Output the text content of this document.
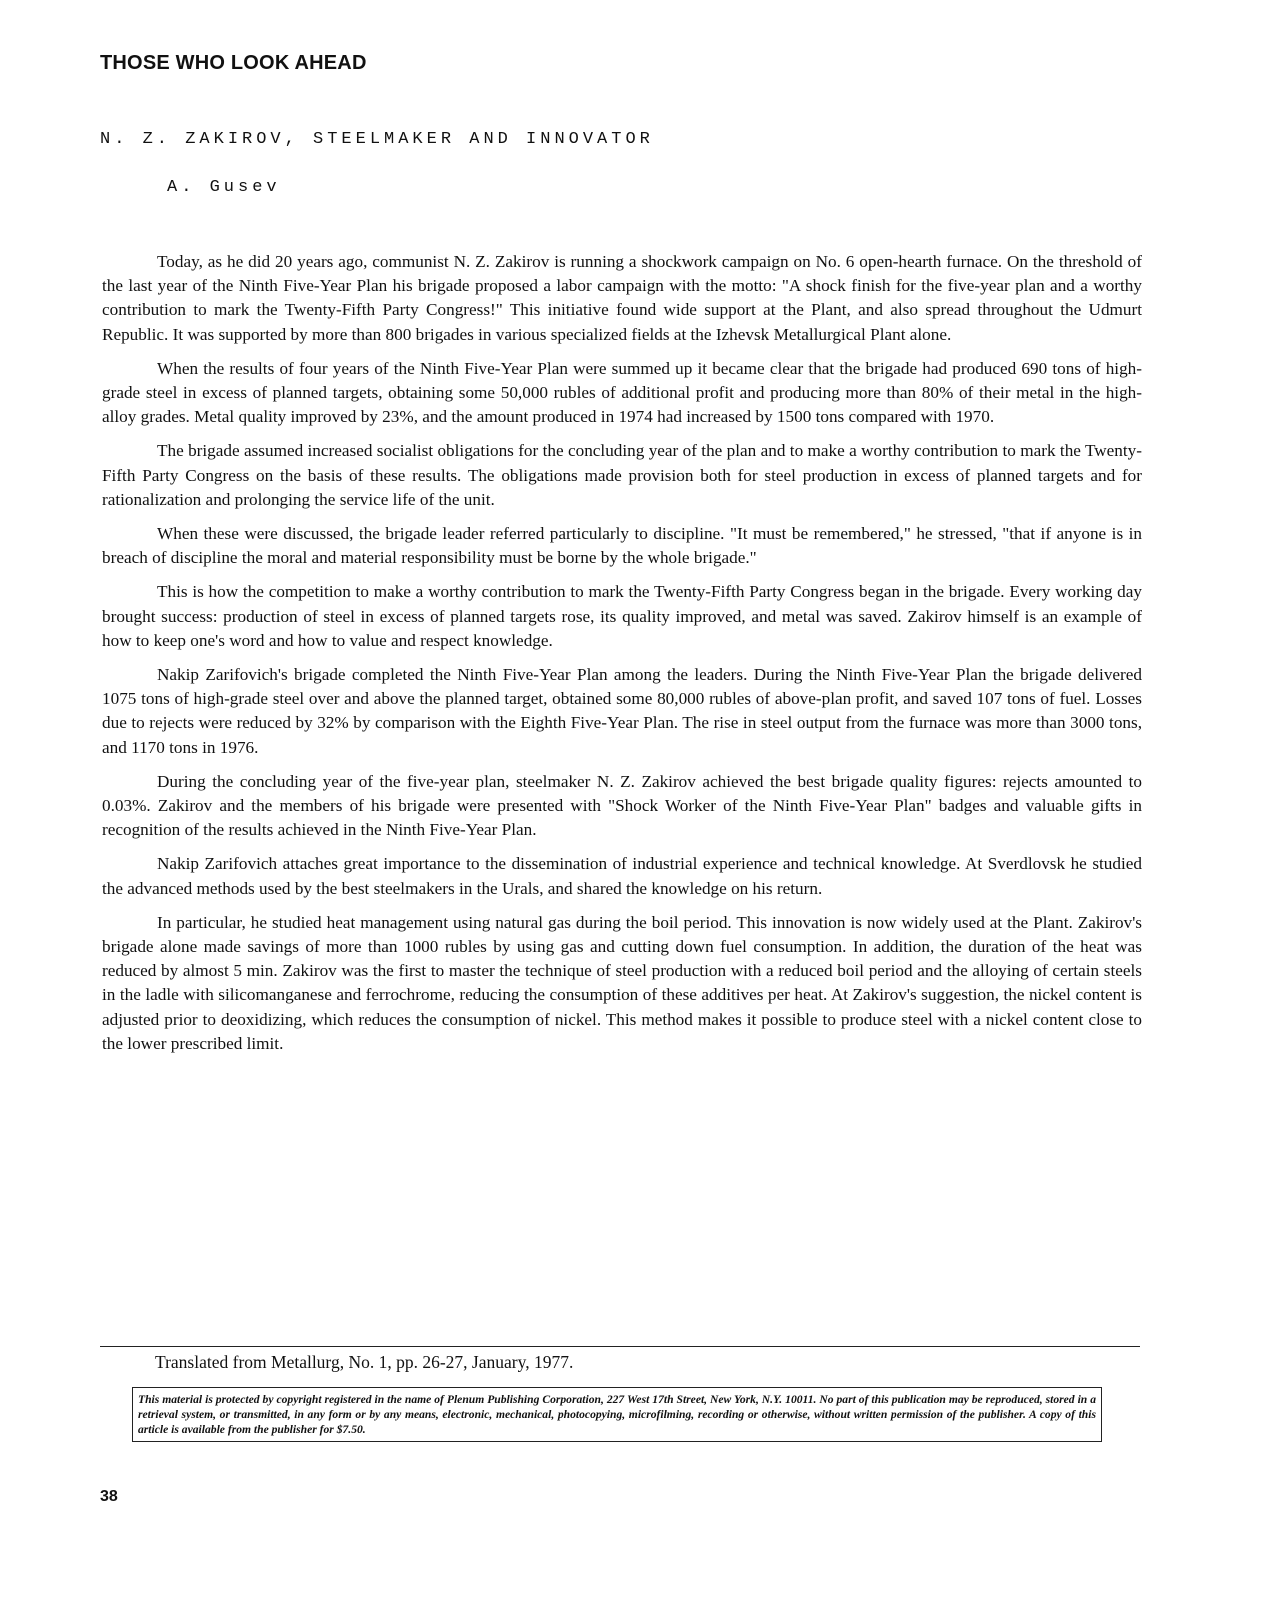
THOSE WHO LOOK AHEAD
N. Z. ZAKIROV, STEELMAKER AND INNOVATOR
A. Gusev

Today, as he did 20 years ago, communist N. Z. Zakirov is running a shockwork campaign on No. 6 open-hearth furnace. On the threshold of the last year of the Ninth Five-Year Plan his brigade proposed a labor campaign with the motto: "A shock finish for the five-year plan and a worthy contribution to mark the Twenty-Fifth Party Congress!" This initiative found wide support at the Plant, and also spread throughout the Udmurt Republic. It was supported by more than 800 brigades in various specialized fields at the Izhevsk Metallurgical Plant alone.

When the results of four years of the Ninth Five-Year Plan were summed up it became clear that the brigade had produced 690 tons of high-grade steel in excess of planned targets, obtaining some 50,000 rubles of additional profit and producing more than 80% of their metal in the high-alloy grades. Metal quality improved by 23%, and the amount produced in 1974 had increased by 1500 tons compared with 1970.

The brigade assumed increased socialist obligations for the concluding year of the plan and to make a worthy contribution to mark the Twenty-Fifth Party Congress on the basis of these results. The obligations made provision both for steel production in excess of planned targets and for rationalization and prolonging the service life of the unit.

When these were discussed, the brigade leader referred particularly to discipline. "It must be remembered," he stressed, "that if anyone is in breach of discipline the moral and material responsibility must be borne by the whole brigade."

This is how the competition to make a worthy contribution to mark the Twenty-Fifth Party Congress began in the brigade. Every working day brought success: production of steel in excess of planned targets rose, its quality improved, and metal was saved. Zakirov himself is an example of how to keep one's word and how to value and respect knowledge.

Nakip Zarifovich's brigade completed the Ninth Five-Year Plan among the leaders. During the Ninth Five-Year Plan the brigade delivered 1075 tons of high-grade steel over and above the planned target, obtained some 80,000 rubles of above-plan profit, and saved 107 tons of fuel. Losses due to rejects were reduced by 32% by comparison with the Eighth Five-Year Plan. The rise in steel output from the furnace was more than 3000 tons, and 1170 tons in 1976.

During the concluding year of the five-year plan, steelmaker N. Z. Zakirov achieved the best brigade quality figures: rejects amounted to 0.03%. Zakirov and the members of his brigade were presented with "Shock Worker of the Ninth Five-Year Plan" badges and valuable gifts in recognition of the results achieved in the Ninth Five-Year Plan.

Nakip Zarifovich attaches great importance to the dissemination of industrial experience and technical knowledge. At Sverdlovsk he studied the advanced methods used by the best steelmakers in the Urals, and shared the knowledge on his return.

In particular, he studied heat management using natural gas during the boil period. This innovation is now widely used at the Plant. Zakirov's brigade alone made savings of more than 1000 rubles by using gas and cutting down fuel consumption. In addition, the duration of the heat was reduced by almost 5 min. Zakirov was the first to master the technique of steel production with a reduced boil period and the alloying of certain steels in the ladle with silicomanganese and ferrochrome, reducing the consumption of these additives per heat. At Zakirov's suggestion, the nickel content is adjusted prior to deoxidizing, which reduces the consumption of nickel. This method makes it possible to produce steel with a nickel content close to the lower prescribed limit.

Translated from Metallurg, No. 1, pp. 26-27, January, 1977.
This material is protected by copyright registered in the name of Plenum Publishing Corporation, 227 West 17th Street, New York, N.Y. 10011. No part of this publication may be reproduced, stored in a retrieval system, or transmitted, in any form or by any means, electronic, mechanical, photocopying, microfilming, recording or otherwise, without written permission of the publisher. A copy of this article is available from the publisher for $7.50.
38
